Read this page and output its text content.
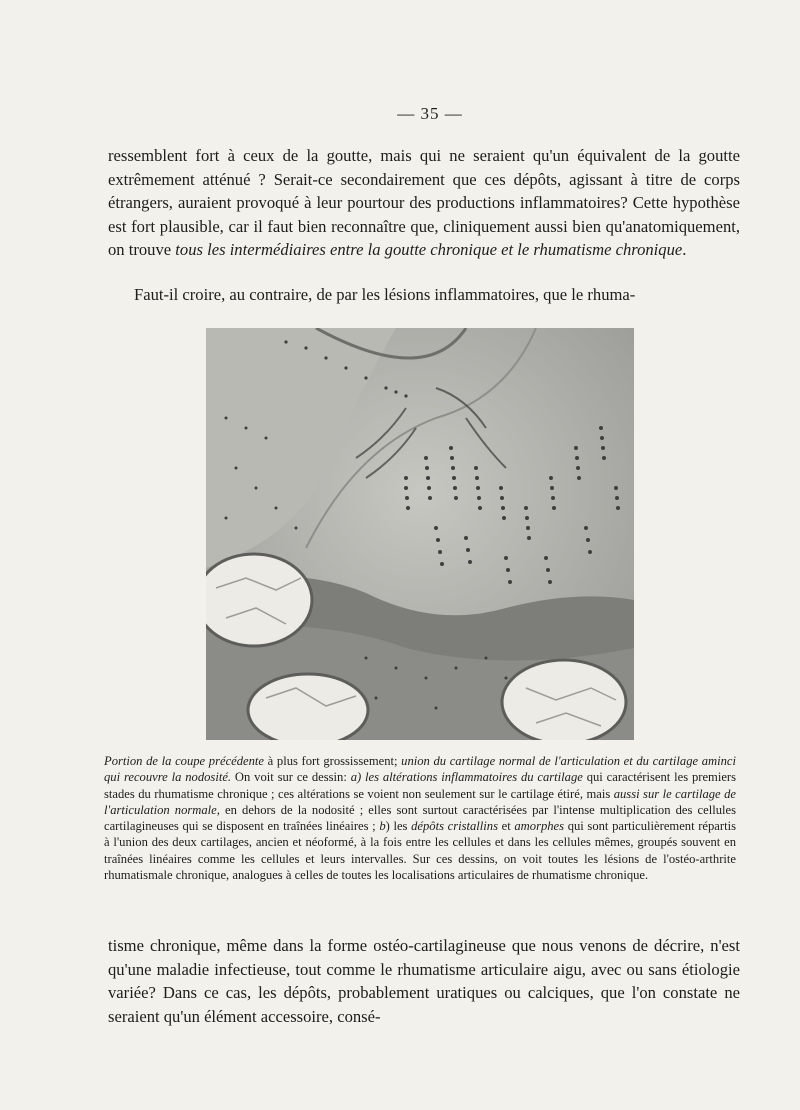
— 35 —

ressemblent fort à ceux de la goutte, mais qui ne seraient qu'un équivalent de la goutte extrêmement atténué ? Serait-ce secondairement que ces dépôts, agissant à titre de corps étrangers, auraient provoqué à leur pourtour des productions inflammatoires? Cette hypothèse est fort plausible, car il faut bien reconnaître que, cliniquement aussi bien qu'anatomiquement, on trouve tous les intermédiaires entre la goutte chronique et le rhumatisme chronique.

Faut-il croire, au contraire, de par les lésions inflammatoires, que le rhuma-

Portion de la coupe précédente à plus fort grossissement; union du cartilage normal de l'articulation et du cartilage aminci qui recouvre la nodosité. On voit sur ce dessin: a) les altérations inflammatoires du cartilage qui caractérisent les premiers stades du rhumatisme chronique ; ces altérations se voient non seulement sur le cartilage étiré, mais aussi sur le cartilage de l'articulation normale, en dehors de la nodosité ; elles sont surtout caractérisées par l'intense multiplication des cellules cartilagineuses qui se disposent en traînées linéaires ; b) les dépôts cristallins et amorphes qui sont particulièrement répartis à l'union des deux cartilages, ancien et néoformé, à la fois entre les cellules et dans les cellules mêmes, groupés souvent en traînées linéaires comme les cellules et leurs intervalles. Sur ces dessins, on voit toutes les lésions de l'ostéo-arthrite rhumatismale chronique, analogues à celles de toutes les localisations articulaires de rhumatisme chronique.

tisme chronique, même dans la forme ostéo-cartilagineuse que nous venons de décrire, n'est qu'une maladie infectieuse, tout comme le rhumatisme articulaire aigu, avec ou sans étiologie variée? Dans ce cas, les dépôts, probablement uratiques ou calciques, que l'on constate ne seraient qu'un élément accessoire, consé-
